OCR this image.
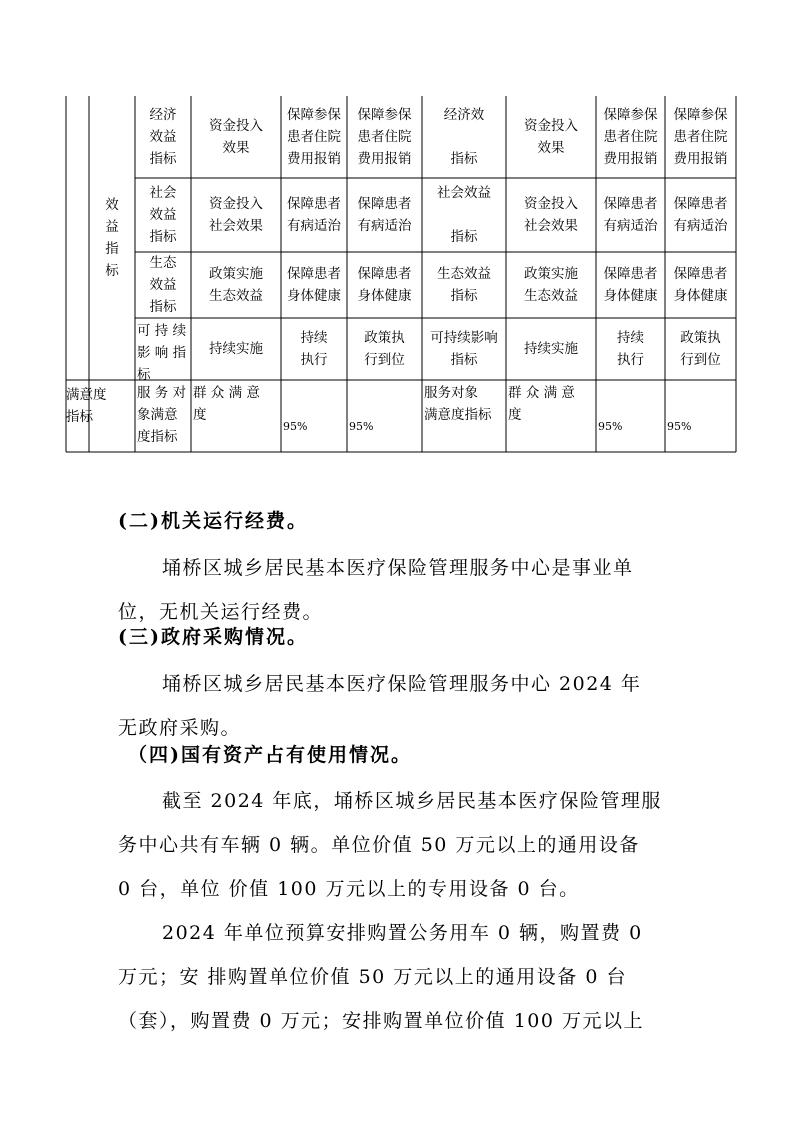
效
益
指
标
满意度
指标
经济
效益
指标
资金投入
效果
保障参保
患者住院
费用报销
保障参保
患者住院
费用报销
经济效

指标
资金投入
效果
保障参保
患者住院
费用报销
保障参保
患者住院
费用报销
社会
效益
指标
资金投入
社会效果
保障患者
有病适治
保障患者
有病适治
社会效益

指标
资金投入
社会效果
保障患者
有病适治
保障患者
有病适治
生态
效益
指标
政策实施
生态效益
保障患者
身体健康
保障患者
身体健康
生态效益
指标
政策实施
生态效益
保障患者
身体健康
保障患者
身体健康
可 持 续
影 响 指
标
持续实施
持续
执行
政策执
行到位
可持续影响
指标
持续实施
持续
执行
政策执
行到位
服 务 对
象满意
度指标
群 众 满 意
度
95%	95%
服务对象
满意度指标
群 众 满 意
度
95%	95%
(二)机关运行经费。
埇桥区城乡居民基本医疗保险管理服务中心是事业单
位，无机关运行经费。
(三)政府采购情况。
埇桥区城乡居民基本医疗保险管理服务中心 2024 年
无政府采购。
（四)国有资产占有使用情况。
截至 2024 年底，埇桥区城乡居民基本医疗保险管理服
务中心共有车辆 0 辆。单位价值 50 万元以上的通用设备
0 台，单位 价值 100 万元以上的专用设备 0 台。
2024 年单位预算安排购置公务用车 0 辆，购置费 0
万元；安 排购置单位价值 50 万元以上的通用设备 0 台
（套），购置费 0 万元；安排购置单位价值 100 万元以上
